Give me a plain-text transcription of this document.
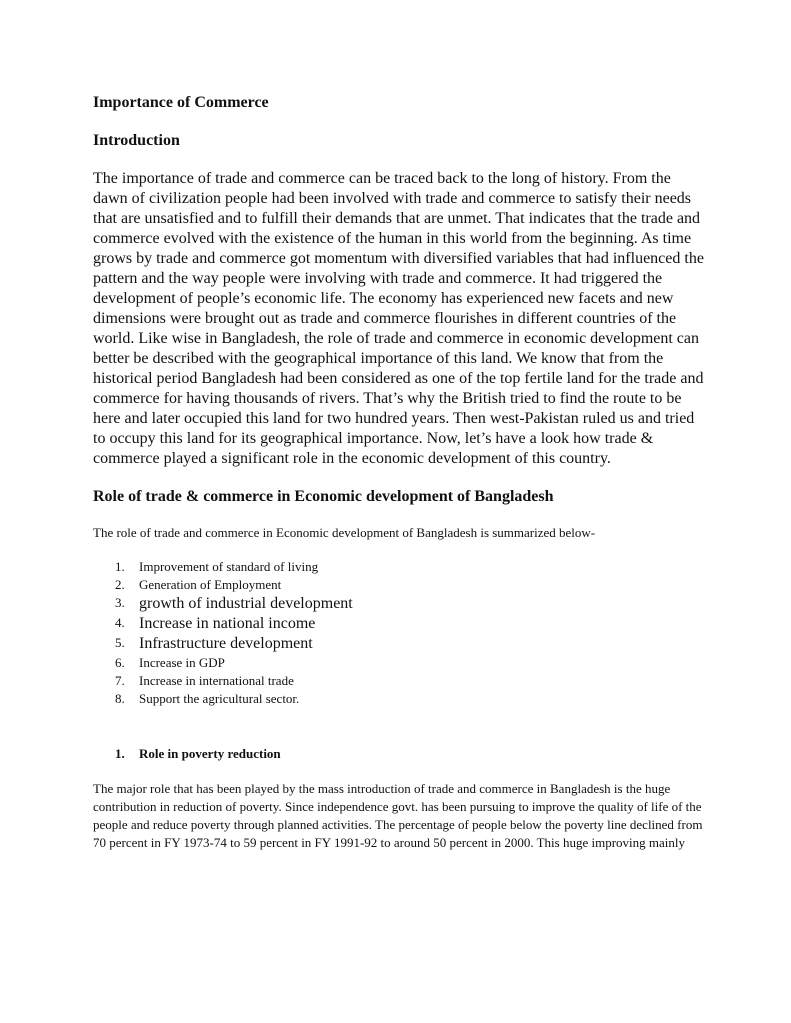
Importance of Commerce
Introduction
The importance of trade and commerce can be traced back to the long of history. From the dawn of civilization people had been involved with trade and commerce to satisfy their needs that are unsatisfied and to fulfill their demands that are unmet. That indicates that the trade and commerce evolved with the existence of the human in this world from the beginning. As time grows by trade and commerce got momentum with diversified variables that had influenced the pattern and the way people were involving with trade and commerce. It had triggered the development of people’s economic life. The economy has experienced new facets and new dimensions were brought out as trade and commerce flourishes in different countries of the world. Like wise in Bangladesh, the role of trade and commerce in economic development can better be described with the geographical importance of this land. We know that from the historical period Bangladesh had been considered as one of the top fertile land for the trade and commerce for having thousands of rivers. That’s why the British tried to find the route to be here and later occupied this land for two hundred years. Then west-Pakistan ruled us and tried to occupy this land for its geographical importance. Now, let’s have a look how trade & commerce played a significant role in the economic development of this country.
Role of trade & commerce in Economic development of Bangladesh
The role of trade and commerce in Economic development of Bangladesh is summarized below-
1. Improvement of standard of living
2. Generation of Employment
3. growth of industrial development
4. Increase in national income
5. Infrastructure development
6. Increase in GDP
7. Increase in international trade
8. Support the agricultural sector.
1. Role in poverty reduction
The major role that has been played by the mass introduction of trade and commerce in Bangladesh is the huge contribution in reduction of poverty. Since independence govt. has been pursuing to improve the quality of life of the people and reduce poverty through planned activities. The percentage of people below the poverty line declined from 70 percent in FY 1973-74 to 59 percent in FY 1991-92 to around 50 percent in 2000. This huge improving mainly
